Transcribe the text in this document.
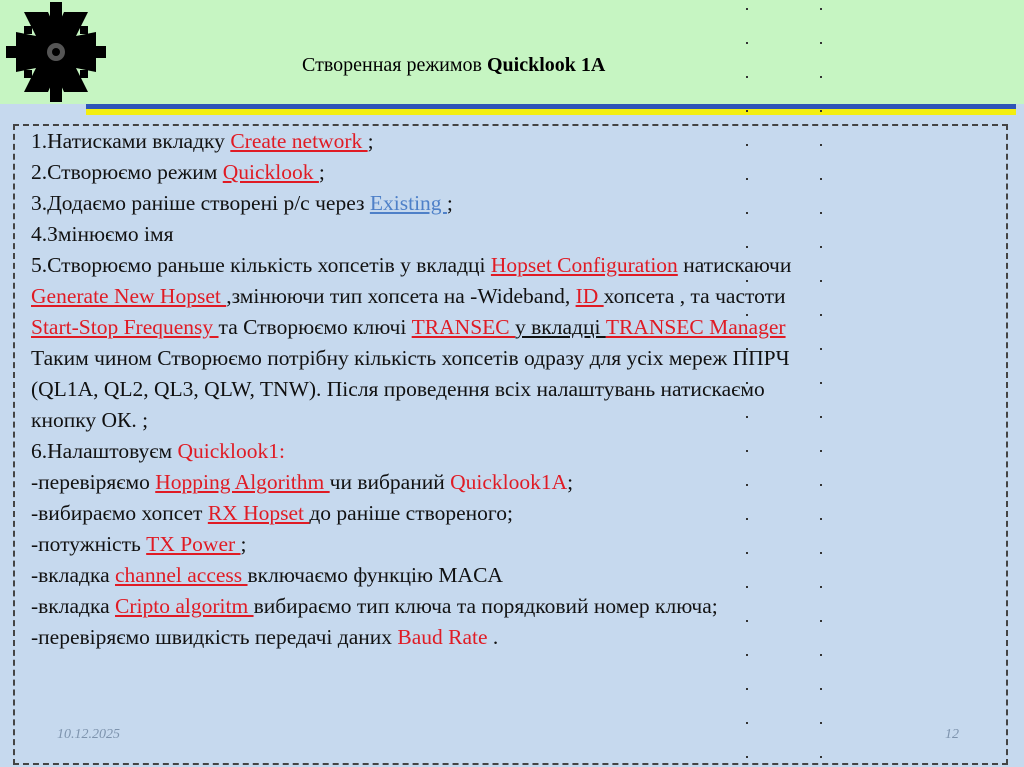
Створенная режимов Quicklook 1A
1.Натисками вкладку Create network ;
2.Створюємо режим Quicklook ;
3.Додаємо раніше створені р/с через Existing ;
4.Змінюємо імя
5.Створюємо раньше кількість хопсетів у вкладці Hopset Configuration натискаючи
Generate New Hopset ,змінюючи тип хопсета на -Wideband, ID хопсета , та частоти
Start-Stop Frequensy та Створюємо ключі TRANSEC у вкладці TRANSEC Manager
Таким чином Створюємо потрібну кількість хопсетів одразу для усіх мереж ППРЧ
(QL1A, QL2, QL3, QLW, TNW). Після проведення всіх налаштувань натискаємо
кнопку ОК. ;
6.Налаштовуєм Quicklook1:
-перевіряємо Hopping Algorithm чи вибраний Quicklook1A;
-вибираємо хопсет RX Hopset до раніше створеного;
-потужність TX Power ;
-вкладка channel access включаємо функцію MACA
-вкладка Cripto algoritm вибираємо тип ключа та порядковий номер ключа;
-перевіряємо швидкість передачі даних Baud Rate .
10.12.2025	12
